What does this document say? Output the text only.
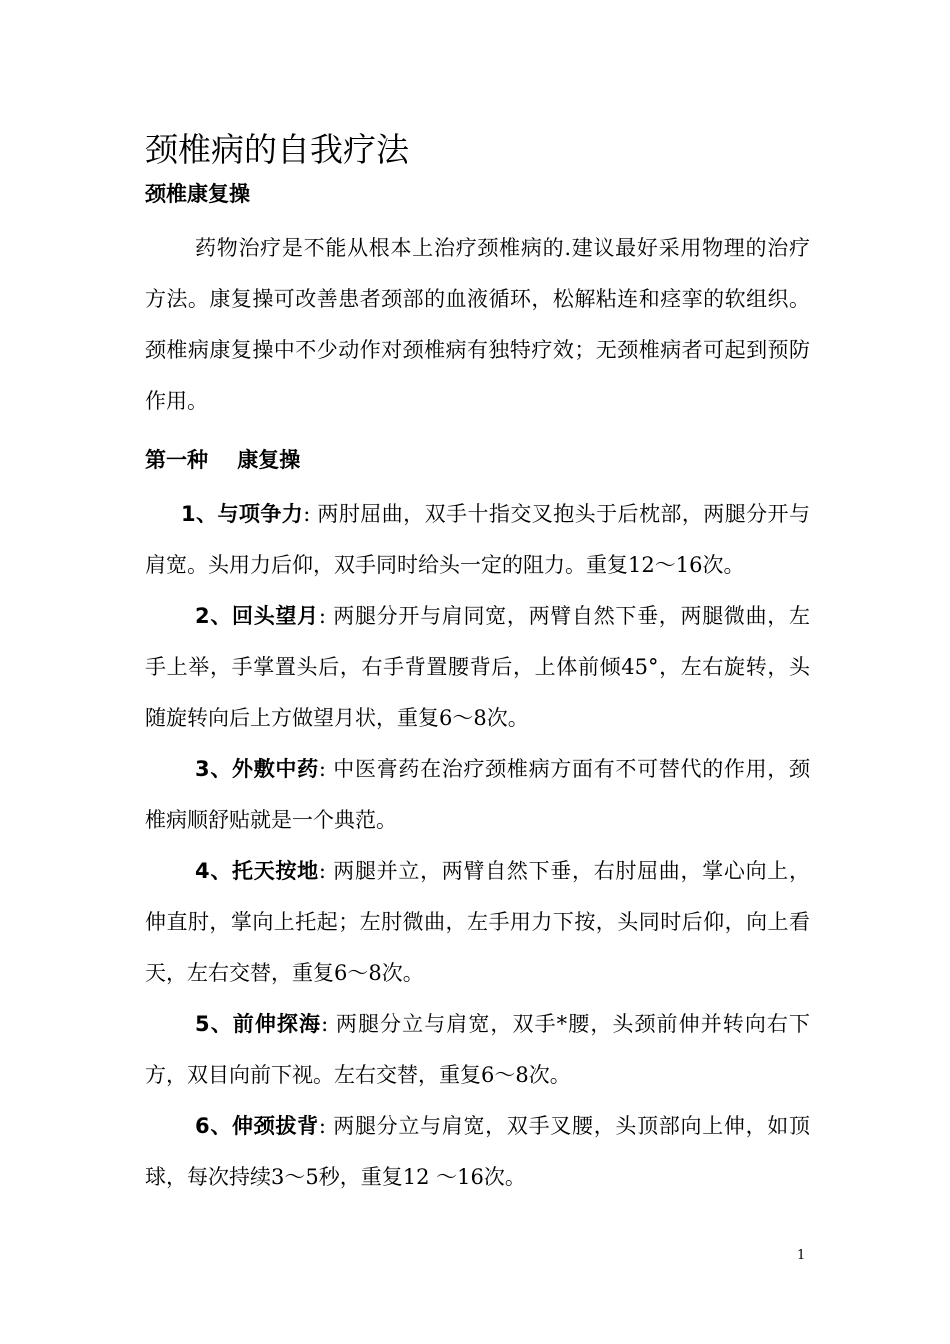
颈椎病的自我疗法
颈椎康复操

药物治疗是不能从根本上治疗颈椎病的.建议最好采用物理的治疗方法。康复操可改善患者颈部的血液循环，松解粘连和痉挛的软组织。颈椎病康复操中不少动作对颈椎病有独特疗效；无颈椎病者可起到预防作用。

第一种    康复操

1、与项争力: 两肘屈曲，双手十指交叉抱头于后枕部，两腿分开与肩宽。头用力后仰，双手同时给头一定的阻力。重复12～16次。

2、回头望月: 两腿分开与肩同宽，两臂自然下垂，两腿微曲，左手上举，手掌置头后，右手背置腰背后，上体前倾45°，左右旋转，头随旋转向后上方做望月状，重复6～8次。

3、外敷中药: 中医膏药在治疗颈椎病方面有不可替代的作用，颈椎病顺舒贴就是一个典范。

4、托天按地: 两腿并立，两臂自然下垂，右肘屈曲，掌心向上，伸直肘，掌向上托起；左肘微曲，左手用力下按，头同时后仰，向上看天，左右交替，重复6～8次。

5、前伸探海: 两腿分立与肩宽，双手*腰，头颈前伸并转向右下方，双目向前下视。左右交替，重复6～8次。

6、伸颈拔背: 两腿分立与肩宽，双手叉腰，头顶部向上伸，如顶球，每次持续3～5秒，重复12 ～16次。

1
